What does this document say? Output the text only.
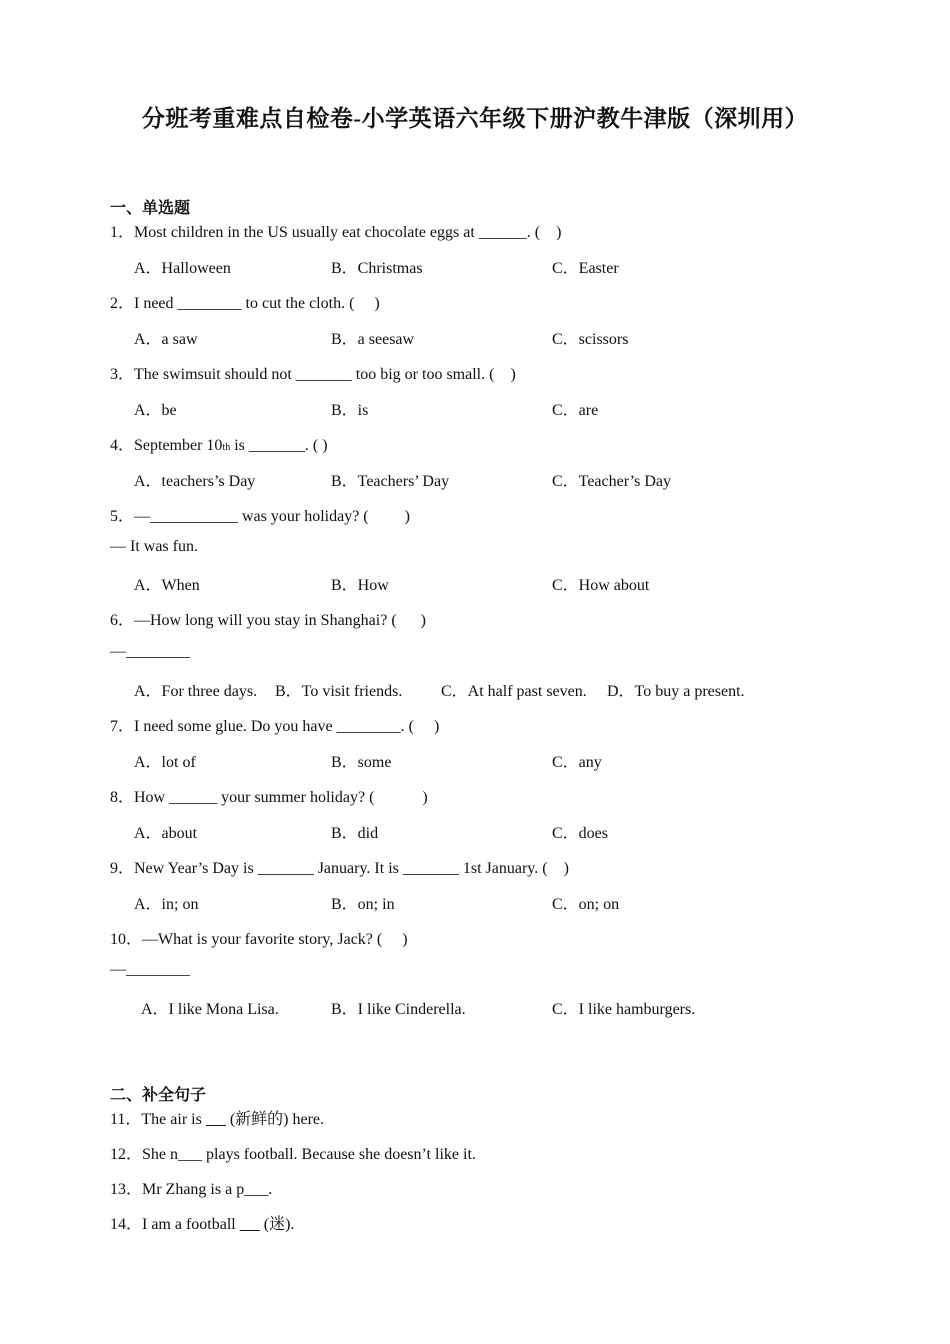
分班考重难点自检卷-小学英语六年级下册沪教牛津版（深圳用）
一、单选题
1．Most children in the US usually eat chocolate eggs at ______. (    )
A．Halloween	B．Christmas	C．Easter
2．I need ________ to cut the cloth. (     )
A．a saw	B．a seesaw	C．scissors
3．The swimsuit should not _______ too big or too small. (    )
A．be	B．is	C．are
4．September 10th is _______. ( )
A．teachers’s Day	B．Teachers’ Day	C．Teacher’s Day
5．—___________ was your holiday? (         )
— It was fun.
A．When	B．How	C．How about
6．—How long will you stay in Shanghai? (      )
—________
A．For three days. B．To visit friends. C．At half past seven. D．To buy a present.
7．I need some glue. Do you have ________. (     )
A．lot of	B．some	C．any
8．How ______ your summer holiday? (            )
A．about	B．did	C．does
9．New Year’s Day is _______ January. It is _______ 1st January. (    )
A．in; on	B．on; in	C．on; on
10．—What is your favorite story, Jack? (     )
—________
A．I like Mona Lisa.	B．I like Cinderella.	C．I like hamburgers.
二、补全句子
11．The air is       (新鲜的) here.
12．She n___ plays football. Because she doesn’t like it.
13．Mr Zhang is a p___.
14．I am a football       (迷).
